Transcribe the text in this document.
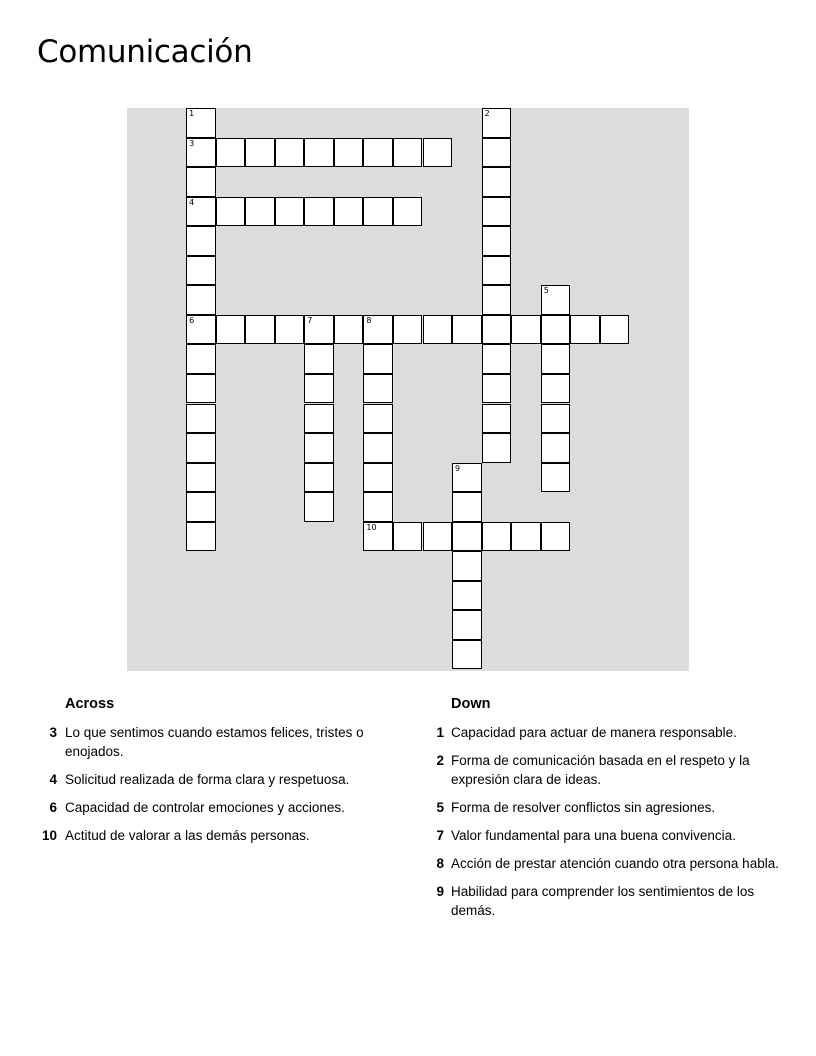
Comunicación
1	2
3
4
5
6	7	8
9
10
Across
3 Lo que sentimos cuando estamos felices, tristes o enojados.
4 Solicitud realizada de forma clara y respetuosa.
6 Capacidad de controlar emociones y acciones.
10 Actitud de valorar a las demás personas.
Down
1 Capacidad para actuar de manera responsable.
2 Forma de comunicación basada en el respeto y la expresión clara de ideas.
5 Forma de resolver conflictos sin agresiones.
7 Valor fundamental para una buena convivencia.
8 Acción de prestar atención cuando otra persona habla.
9 Habilidad para comprender los sentimientos de los demás.
